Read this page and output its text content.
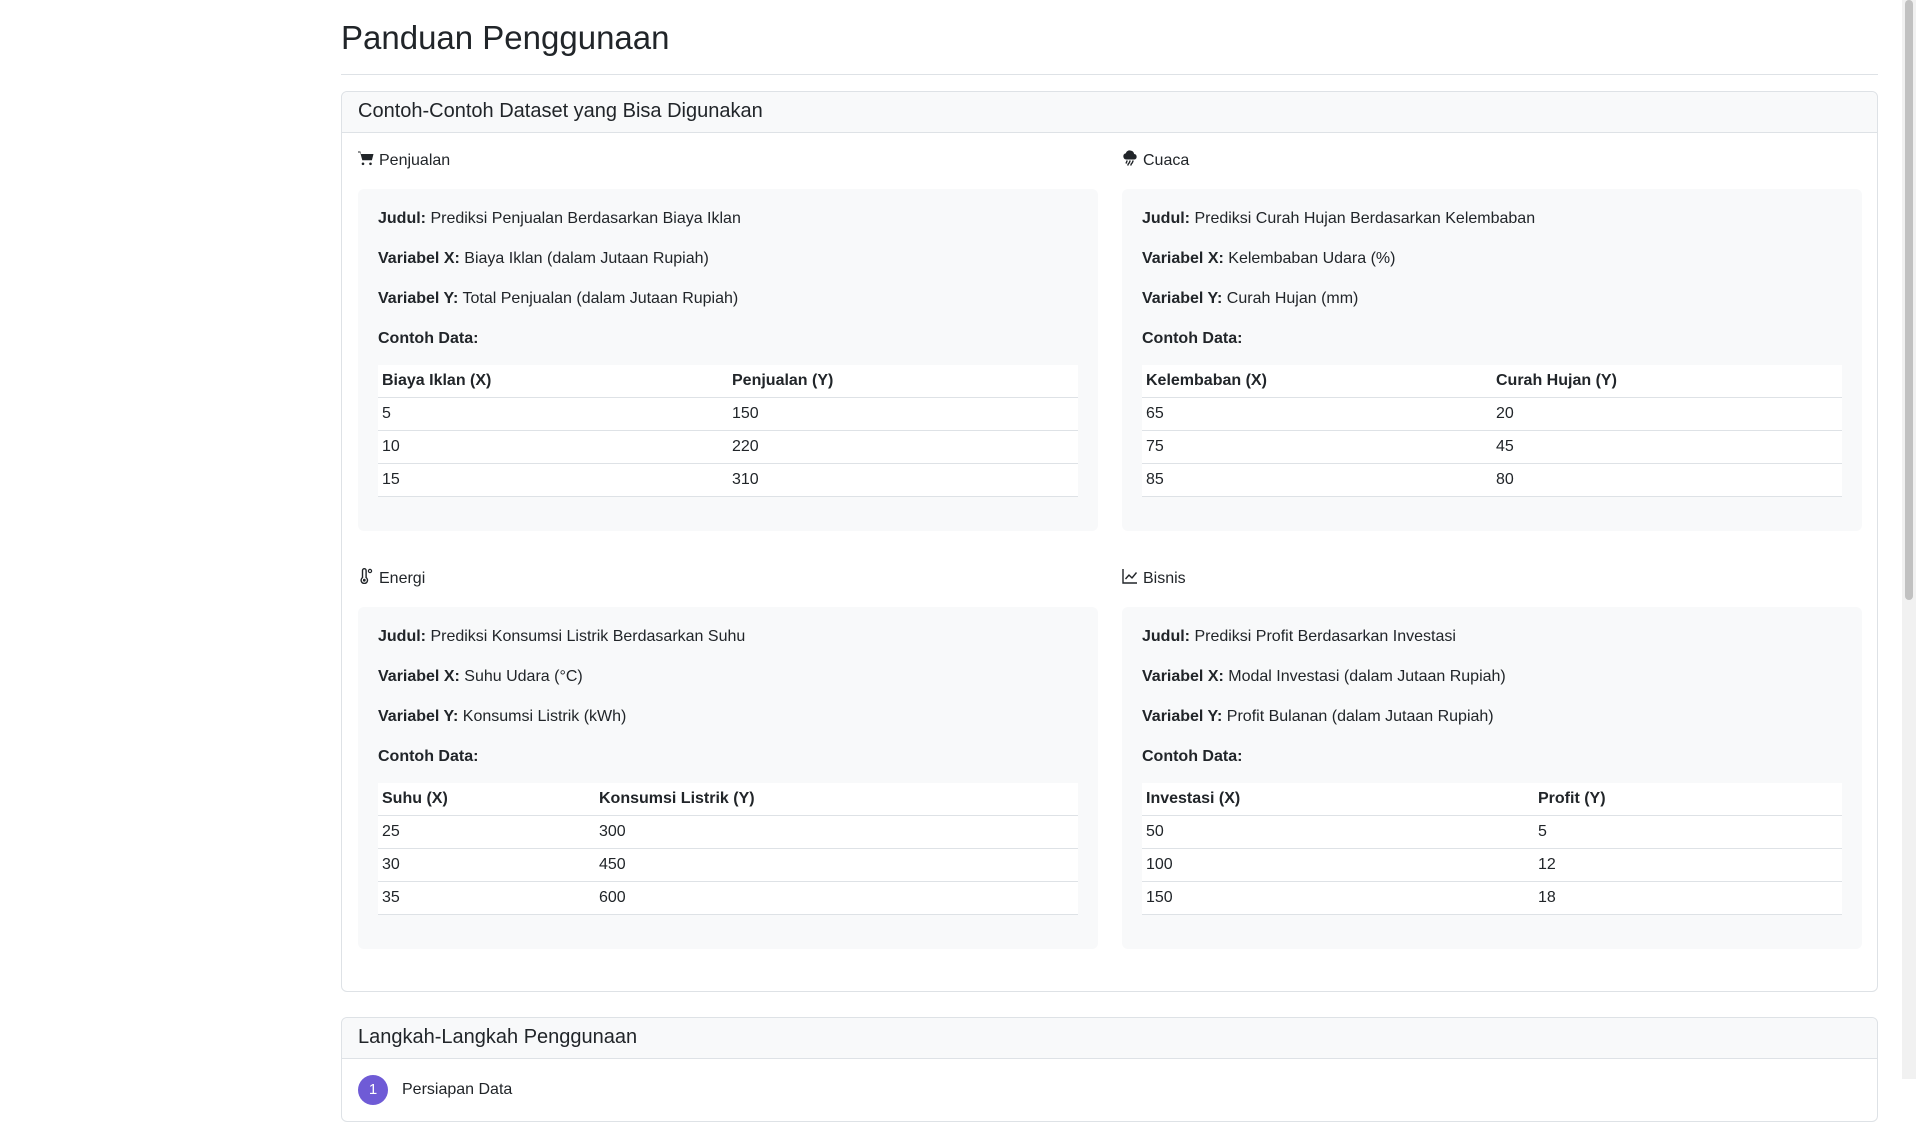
Panduan Penggunaan
Contoh-Contoh Dataset yang Bisa Digunakan
Penjualan

Judul: Prediksi Penjualan Berdasarkan Biaya Iklan

Variabel X: Biaya Iklan (dalam Jutaan Rupiah)

Variabel Y: Total Penjualan (dalam Jutaan Rupiah)

Contoh Data:

Biaya Iklan (X)	Penjualan (Y)
5	150
10	220
15	310
Cuaca

Judul: Prediksi Curah Hujan Berdasarkan Kelembaban

Variabel X: Kelembaban Udara (%)

Variabel Y: Curah Hujan (mm)

Contoh Data:

Kelembaban (X)	Curah Hujan (Y)
65	20
75	45
85	80
Energi

Judul: Prediksi Konsumsi Listrik Berdasarkan Suhu

Variabel X: Suhu Udara (°C)

Variabel Y: Konsumsi Listrik (kWh)

Contoh Data:

Suhu (X)	Konsumsi Listrik (Y)
25	300
30	450
35	600
Bisnis

Judul: Prediksi Profit Berdasarkan Investasi

Variabel X: Modal Investasi (dalam Jutaan Rupiah)

Variabel Y: Profit Bulanan (dalam Jutaan Rupiah)

Contoh Data:

Investasi (X)	Profit (Y)
50	5
100	12
150	18
Langkah-Langkah Penggunaan
1	Persiapan Data
